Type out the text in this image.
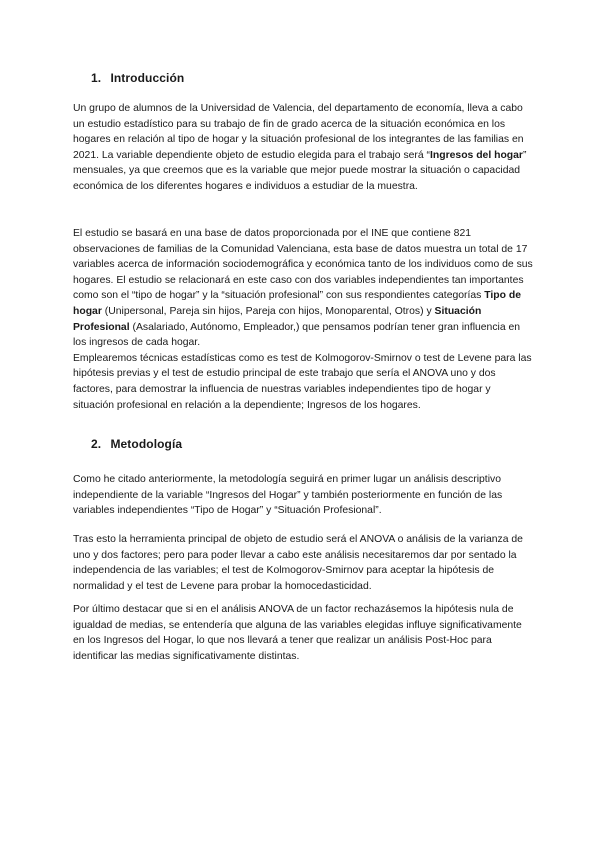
1. Introducción

Un grupo de alumnos de la Universidad de Valencia, del departamento de economía, lleva a cabo un estudio estadístico para su trabajo de fin de grado acerca de la situación económica en los hogares en relación al tipo de hogar y la situación profesional de los integrantes de las familias en 2021. La variable dependiente objeto de estudio elegida para el trabajo será “Ingresos del hogar” mensuales, ya que creemos que es la variable que mejor puede mostrar la situación o capacidad económica de los diferentes hogares e individuos a estudiar de la muestra.

El estudio se basará en una base de datos proporcionada por el INE que contiene 821 observaciones de familias de la Comunidad Valenciana, esta base de datos muestra un total de 17 variables acerca de información sociodemográfica y económica tanto de los individuos como de sus hogares. El estudio se relacionará en este caso con dos variables independientes tan importantes como son el “tipo de hogar” y la “situación profesional” con sus respondientes categorías Tipo de hogar (Unipersonal, Pareja sin hijos, Pareja con hijos, Monoparental, Otros) y Situación Profesional (Asalariado, Autónomo, Empleador,) que pensamos podrían tener gran influencia en los ingresos de cada hogar.
Emplearemos técnicas estadísticas como es test de Kolmogorov-Smirnov o test de Levene para las hipótesis previas y el test de estudio principal de este trabajo que sería el ANOVA uno y dos factores, para demostrar la influencia de nuestras variables independientes tipo de hogar y situación profesional en relación a la dependiente; Ingresos de los hogares.

2. Metodología

Como he citado anteriormente, la metodología seguirá en primer lugar un análisis descriptivo independiente de la variable “Ingresos del Hogar” y también posteriormente en función de las variables independientes “Tipo de Hogar” y “Situación Profesional”.

Tras esto la herramienta principal de objeto de estudio será el ANOVA o análisis de la varianza de uno y dos factores; pero para poder llevar a cabo este análisis necesitaremos dar por sentado la independencia de las variables; el test de Kolmogorov-Smirnov para aceptar la hipótesis de normalidad y el test de Levene para probar la homocedasticidad.

Por último destacar que si en el análisis ANOVA de un factor rechazásemos la hipótesis nula de igualdad de medias, se entendería que alguna de las variables elegidas influye significativamente en los Ingresos del Hogar, lo que nos llevará a tener que realizar un análisis Post-Hoc para identificar las medias significativamente distintas.
